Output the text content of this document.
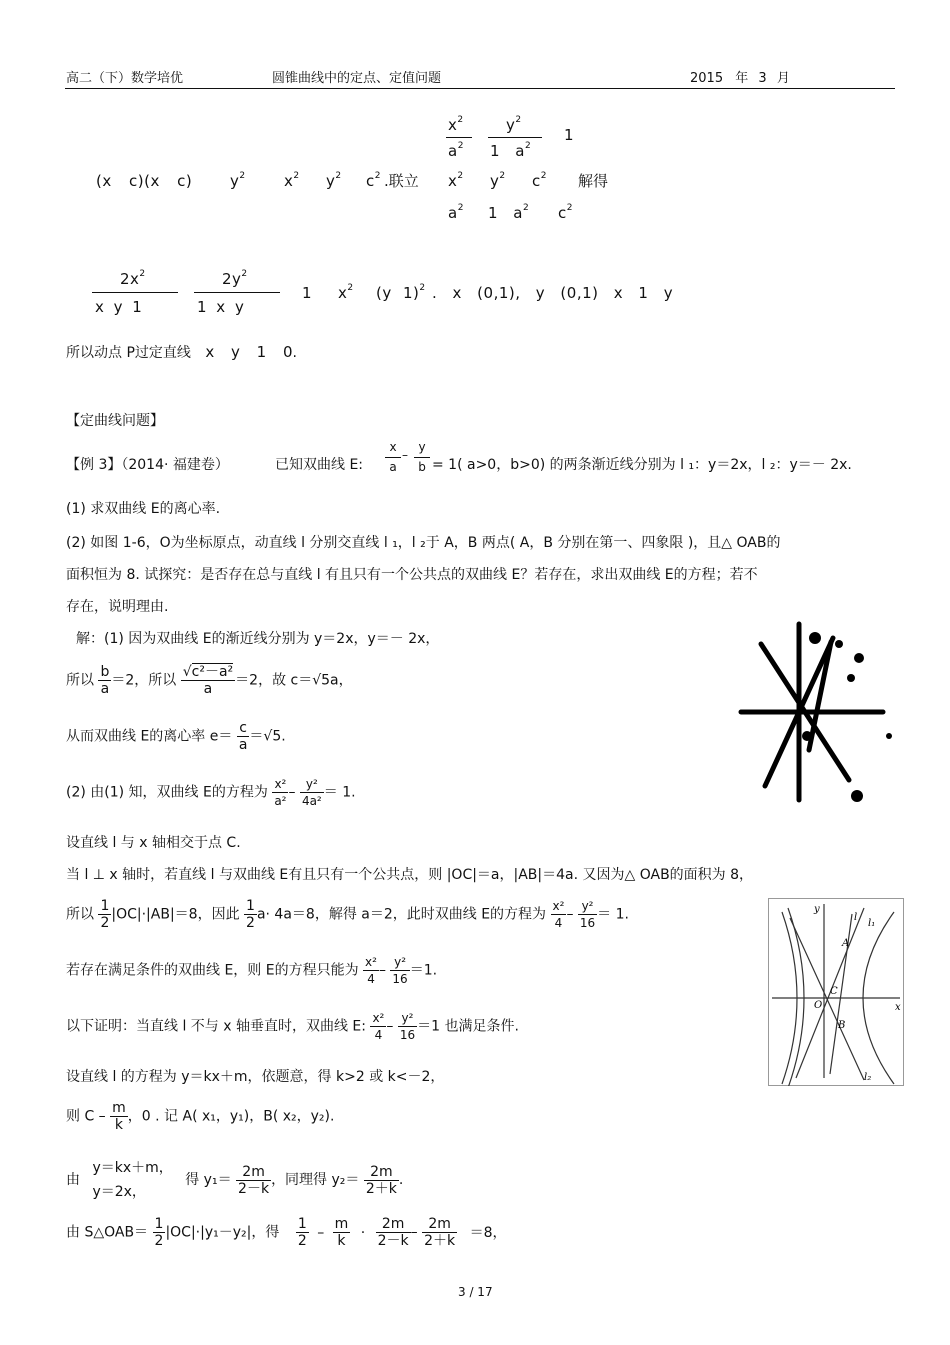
高二（下）数学培优	圆锥曲线中的定点、定值问题	2015 年 3 月
$x^2$
$a^2$
$y^2$
1 $a^2$
1
(x c)(x c)	$y^2$	$x^2$ $y^2$ $c^2$ .联立 $x^2$ $y^2$ $c^2$ 解得
$a^2$ 1 $a^2$ $c^2$
$2x^2$
x y 1
$2y^2$
1 x y
1 $x^2$ (y 1)$^2$ . x (0,1), y (0,1) x 1 y
所以动点 P过定直线 x y 1 0.
【定曲线问题】
【例 3】（2014· 福建卷）	已知双曲线 E:
x
a
–
y
b = 1( a>0，b>0) 的两条渐近线分别为 l ₁：y＝2x，l ₂：y＝－ 2x.
(1) 求双曲线 E的离心率.
(2) 如图 1-6，O为坐标原点，动直线 l 分别交直线 l ₁，l ₂于 A，B 两点( A，B 分别在第一、四象限 )，且△ OAB的
面积恒为 8. 试探究：是否存在总与直线 l 有且只有一个公共点的双曲线 E？若存在，求出双曲线 E的方程；若不
存在，说明理由.
解：(1) 因为双曲线 E的渐近线分别为 y＝2x，y＝－ 2x，
所以 $\frac{b}{a} =2$，所以 $\frac{\text{√c²－a²}}{a} =2$，故 c＝√5a，
从而双曲线 E的离心率 $e= \frac{c}{a} =√5$.
(2) 由(1) 知，双曲线 E的方程为 $\frac{\text{x²}}{\text{a²}} - \frac{\text{y²}}{\text{4a²}} = 1$.
设直线 l 与 x 轴相交于点 C.
当 l ⊥ x 轴时，若直线 l 与双曲线 E有且只有一个公共点，则 |OC|＝a，|AB|＝4a. 又因为△ OAB的面积为 8，
所以 $\frac{1}{2} |OC|\cdot|AB|=8$，因此 $\frac{1}{2} a\cdot 4a=8$，解得 a＝2，此时双曲线 E的方程为 $\frac{\text{x²}}{4} - \frac{\text{y²}}{16} = 1$.
若存在满足条件的双曲线 E，则 E的方程只能为 $\frac{\text{x²}}{4} - \frac{\text{y²}}{16} =1$.
以下证明：当直线 l 不与 x 轴垂直时，双曲线 E: $\frac{\text{x²}}{4} - \frac{\text{y²}}{16} =1$ 也满足条件.
设直线 l 的方程为 y＝kx＋m，依题意，得 k>2 或 k<－2，
则 C – $\frac{m}{k}$ ，0 . 记 A( x₁，y₁)，B( x₂，y₂).
由
y＝kx＋m，
y＝2x，
得 $y_1= \frac{2m}{2-k}$ ，同理得 $y_2= \frac{2m}{2+k}$ .
由 S△OAB＝ $\frac{1}{2} |OC|\cdot|y_1-y_2|$，得 $\frac{1}{2} - \frac{m}{k} \cdot \frac{2m}{2-k} - \frac{2m}{2+k} =8$，
y
x
l
l₁
l₂
A
B
C
O
3 / 17
